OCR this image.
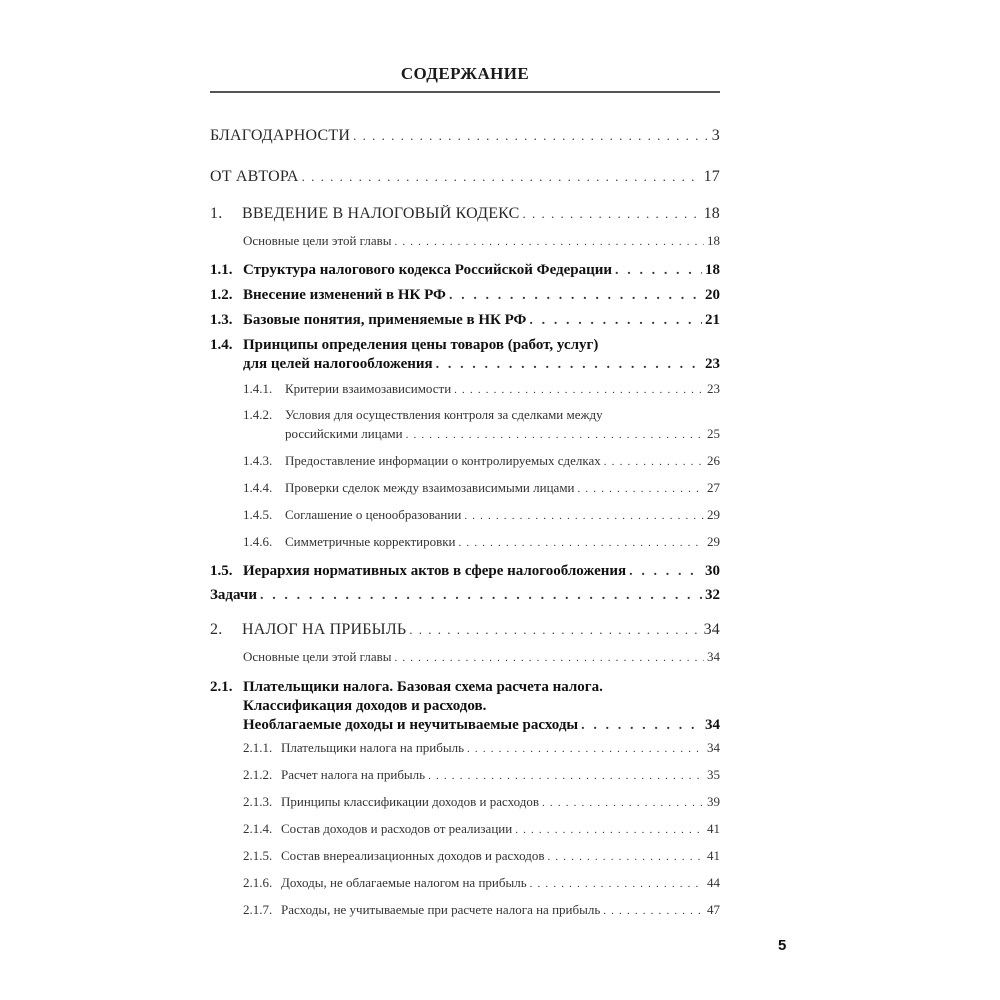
СОДЕРЖАНИЕ
БЛАГОДАРНОСТИ . . .	3
ОТ АВТОРА . . .	17
1.	ВВЕДЕНИЕ В НАЛОГОВЫЙ КОДЕКС . . .	18
Основные цели этой главы . . .	18
1.1. Структура налогового кодекса Российской Федерации . . .	18
1.2. Внесение изменений в НК РФ . . .	20
1.3. Базовые понятия, применяемые в НК РФ . . .	21
1.4. Принципы определения цены товаров (работ, услуг)
для целей налогообложения . . .	23
1.4.1. Критерии взаимозависимости . . .	23
1.4.2. Условия для осуществления контроля за сделками между
российскими лицами . . .	25
1.4.3. Предоставление информации о контролируемых сделках . . .	26
1.4.4. Проверки сделок между взаимозависимыми лицами . . .	27
1.4.5. Соглашение о ценообразовании . . .	29
1.4.6. Симметричные корректировки . . .	29
1.5. Иерархия нормативных актов в сфере налогообложения . . .	30
Задачи . . .	32
2.	НАЛОГ НА ПРИБЫЛЬ . . .	34
Основные цели этой главы . . .	34
2.1. Плательщики налога. Базовая схема расчета налога.
Классификация доходов и расходов.
Необлагаемые доходы и неучитываемые расходы . . .	34
2.1.1. Плательщики налога на прибыль . . .	34
2.1.2. Расчет налога на прибыль . . .	35
2.1.3. Принципы классификации доходов и расходов . . .	39
2.1.4. Состав доходов и расходов от реализации . . .	41
2.1.5. Состав внереализационных доходов и расходов . . .	41
2.1.6. Доходы, не облагаемые налогом на прибыль . . .	44
2.1.7. Расходы, не учитываемые при расчете налога на прибыль . . .	47
5
